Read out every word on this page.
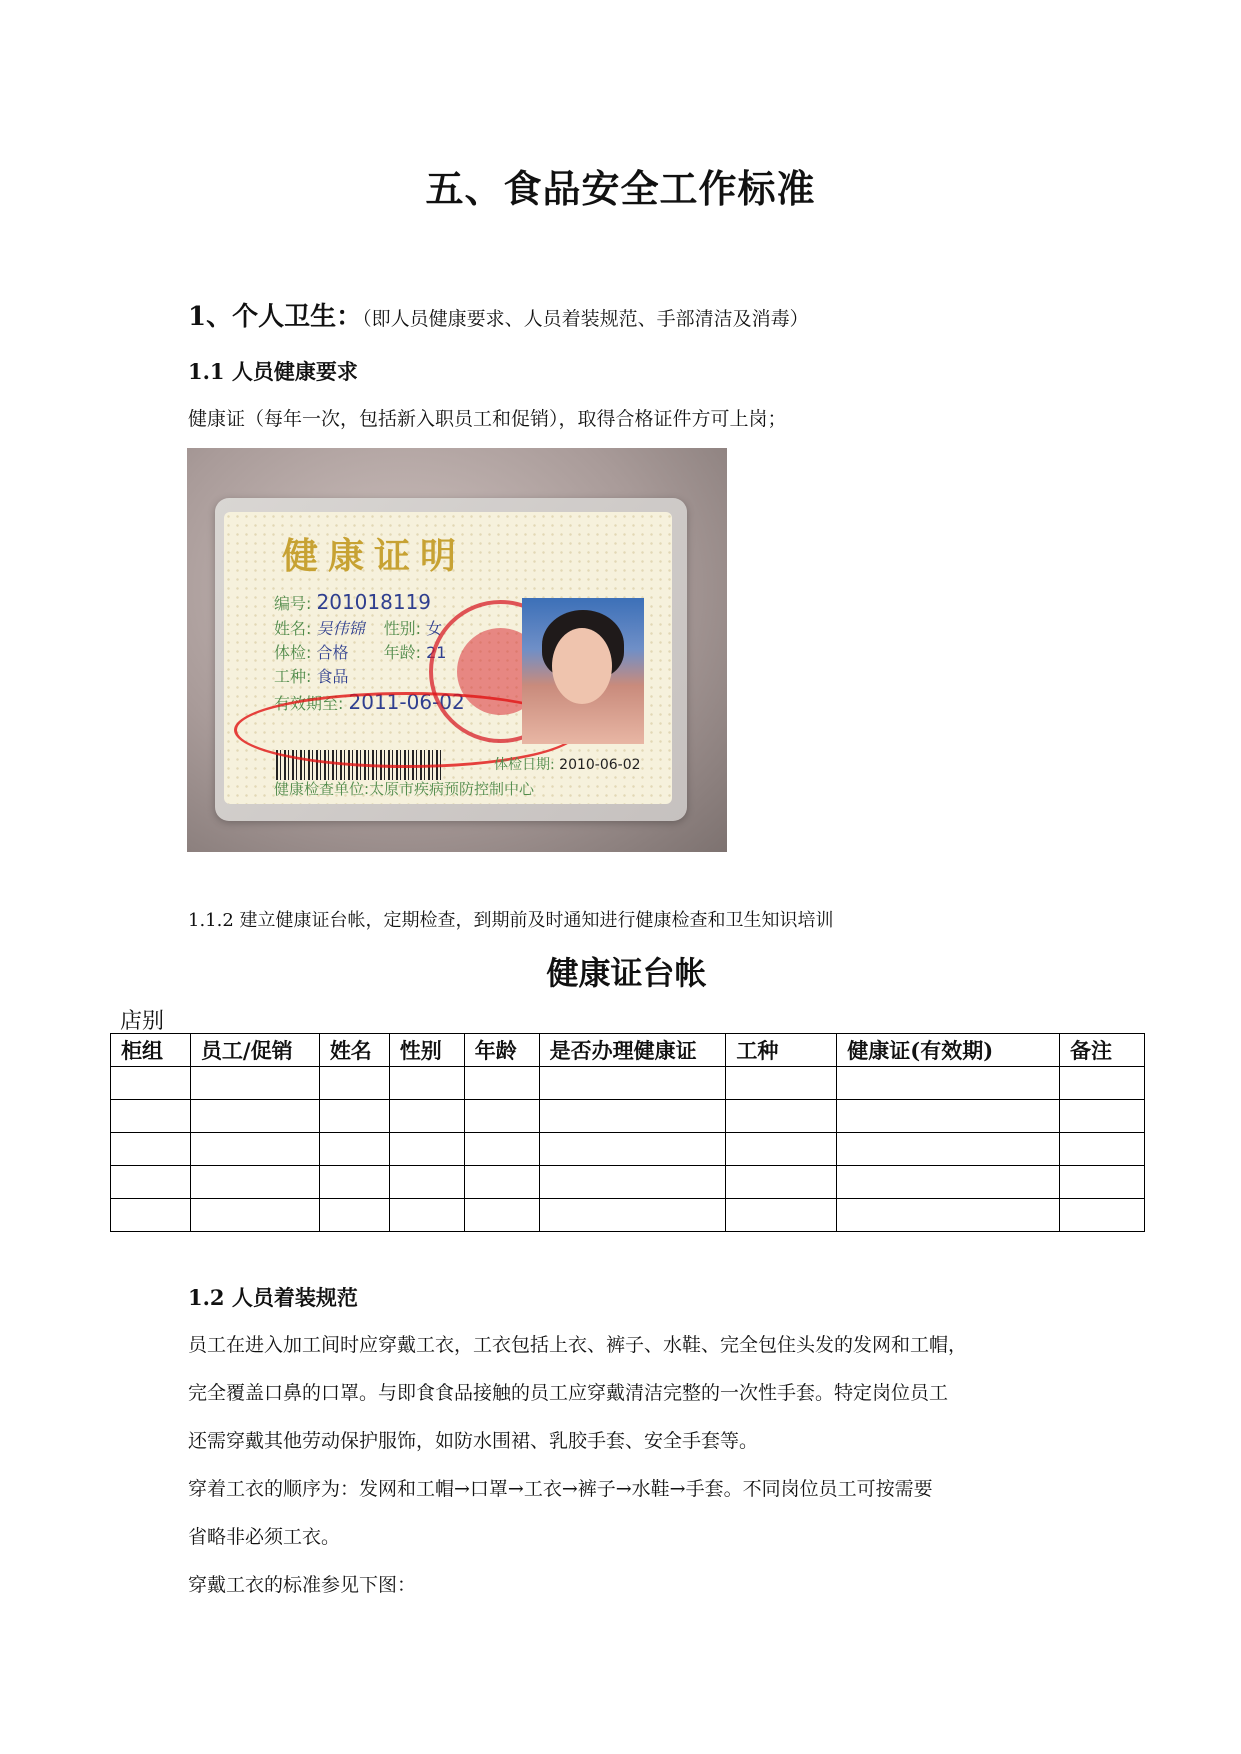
五、食品安全工作标准
1、个人卫生：（即人员健康要求、人员着装规范、手部清洁及消毒）
1.1 人员健康要求
健康证（每年一次，包括新入职员工和促销），取得合格证件方可上岗；
健康证明
编号: 201018119
姓名: 吴伟锦 性别: 女
体检: 合格 年龄: 21
工种: 食品
有效期至: 2011-06-02
体检日期: 2010-06-02
健康检查单位:太原市疾病预防控制中心
1.1.2 建立健康证台帐，定期检查，到期前及时通知进行健康检查和卫生知识培训
健康证台帐
店别
柜组	员工/促销	姓名	性别	年龄	是否办理健康证	工种	健康证(有效期)	备注

1.2 人员着装规范
员工在进入加工间时应穿戴工衣，工衣包括上衣、裤子、水鞋、完全包住头发的发网和工帽，
完全覆盖口鼻的口罩。与即食食品接触的员工应穿戴清洁完整的一次性手套。特定岗位员工
还需穿戴其他劳动保护服饰，如防水围裙、乳胶手套、安全手套等。
穿着工衣的顺序为：发网和工帽→口罩→工衣→裤子→水鞋→手套。不同岗位员工可按需要
省略非必须工衣。
穿戴工衣的标准参见下图：
